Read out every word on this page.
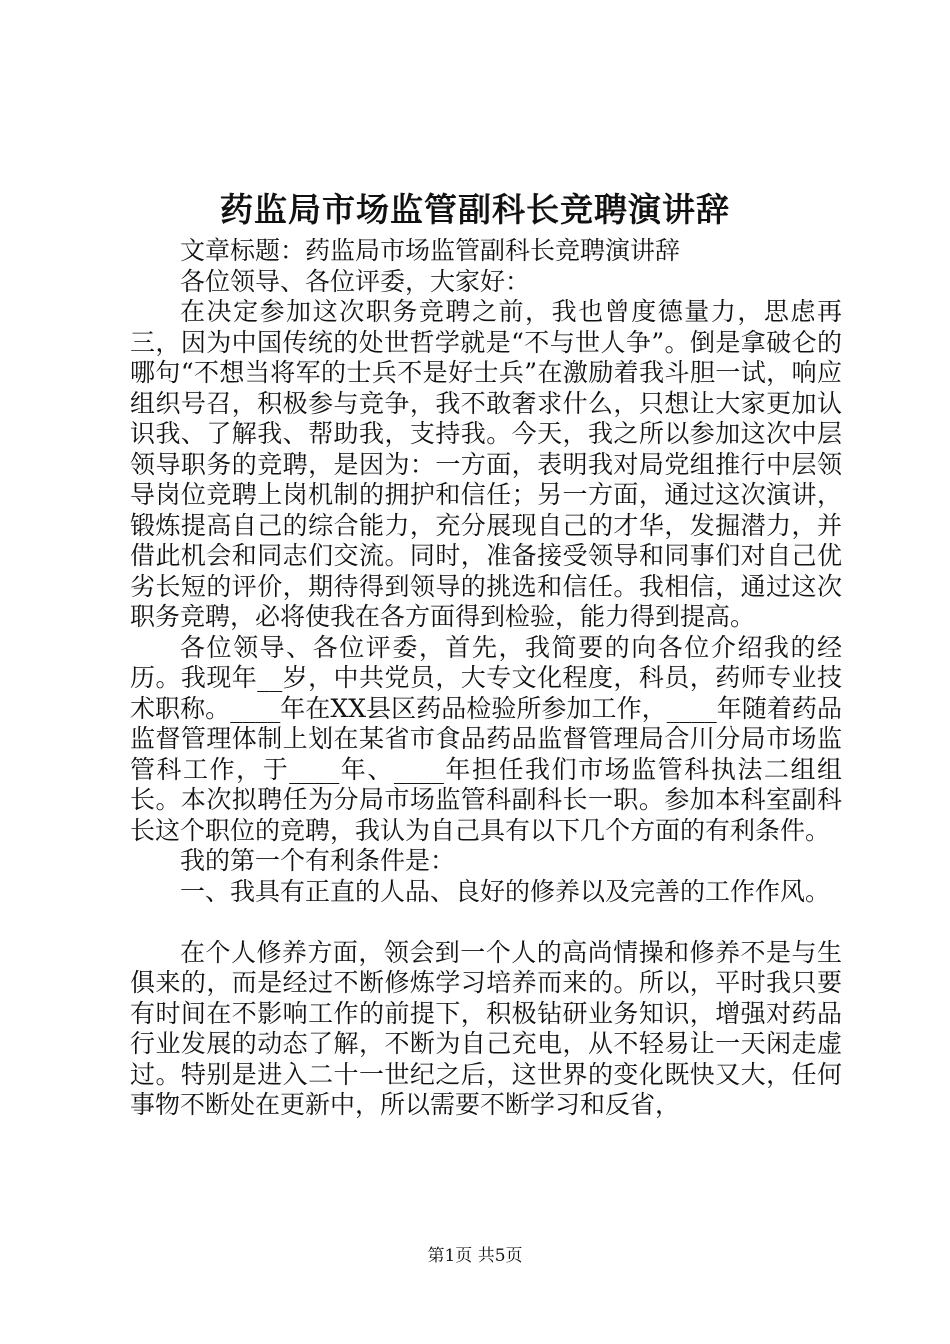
药监局市场监管副科长竞聘演讲辞

文章标题：药监局市场监管副科长竞聘演讲辞

各位领导、各位评委，大家好：

在决定参加这次职务竞聘之前，我也曾度德量力，思虑再三，因为中国传统的处世哲学就是“不与世人争”。倒是拿破仑的哪句“不想当将军的士兵不是好士兵”在激励着我斗胆一试，响应组织号召，积极参与竞争，我不敢奢求什么，只想让大家更加认识我、了解我、帮助我，支持我。今天，我之所以参加这次中层领导职务的竞聘，是因为：一方面，表明我对局党组推行中层领导岗位竞聘上岗机制的拥护和信任；另一方面，通过这次演讲，锻炼提高自己的综合能力，充分展现自己的才华，发掘潜力，并借此机会和同志们交流。同时，准备接受领导和同事们对自己优劣长短的评价，期待得到领导的挑选和信任。我相信，通过这次职务竞聘，必将使我在各方面得到检验，能力得到提高。

各位领导、各位评委，首先，我简要的向各位介绍我的经历。我现年__岁，中共党员，大专文化程度，科员，药师专业技术职称。____年在XX县区药品检验所参加工作，____年随着药品监督管理体制上划在某省市食品药品监督管理局合川分局市场监管科工作，于____年、____年担任我们市场监管科执法二组组长。本次拟聘任为分局市场监管科副科长一职。参加本科室副科长这个职位的竞聘，我认为自己具有以下几个方面的有利条件。

我的第一个有利条件是：

一、我具有正直的人品、良好的修养以及完善的工作作风。

在个人修养方面，领会到一个人的高尚情操和修养不是与生俱来的，而是经过不断修炼学习培养而来的。所以，平时我只要有时间在不影响工作的前提下，积极钻研业务知识，增强对药品行业发展的动态了解，不断为自己充电，从不轻易让一天闲走虚过。特别是进入二十一世纪之后，这世界的变化既快又大，任何事物不断处在更新中，所以需要不断学习和反省，

第1页 共5页
